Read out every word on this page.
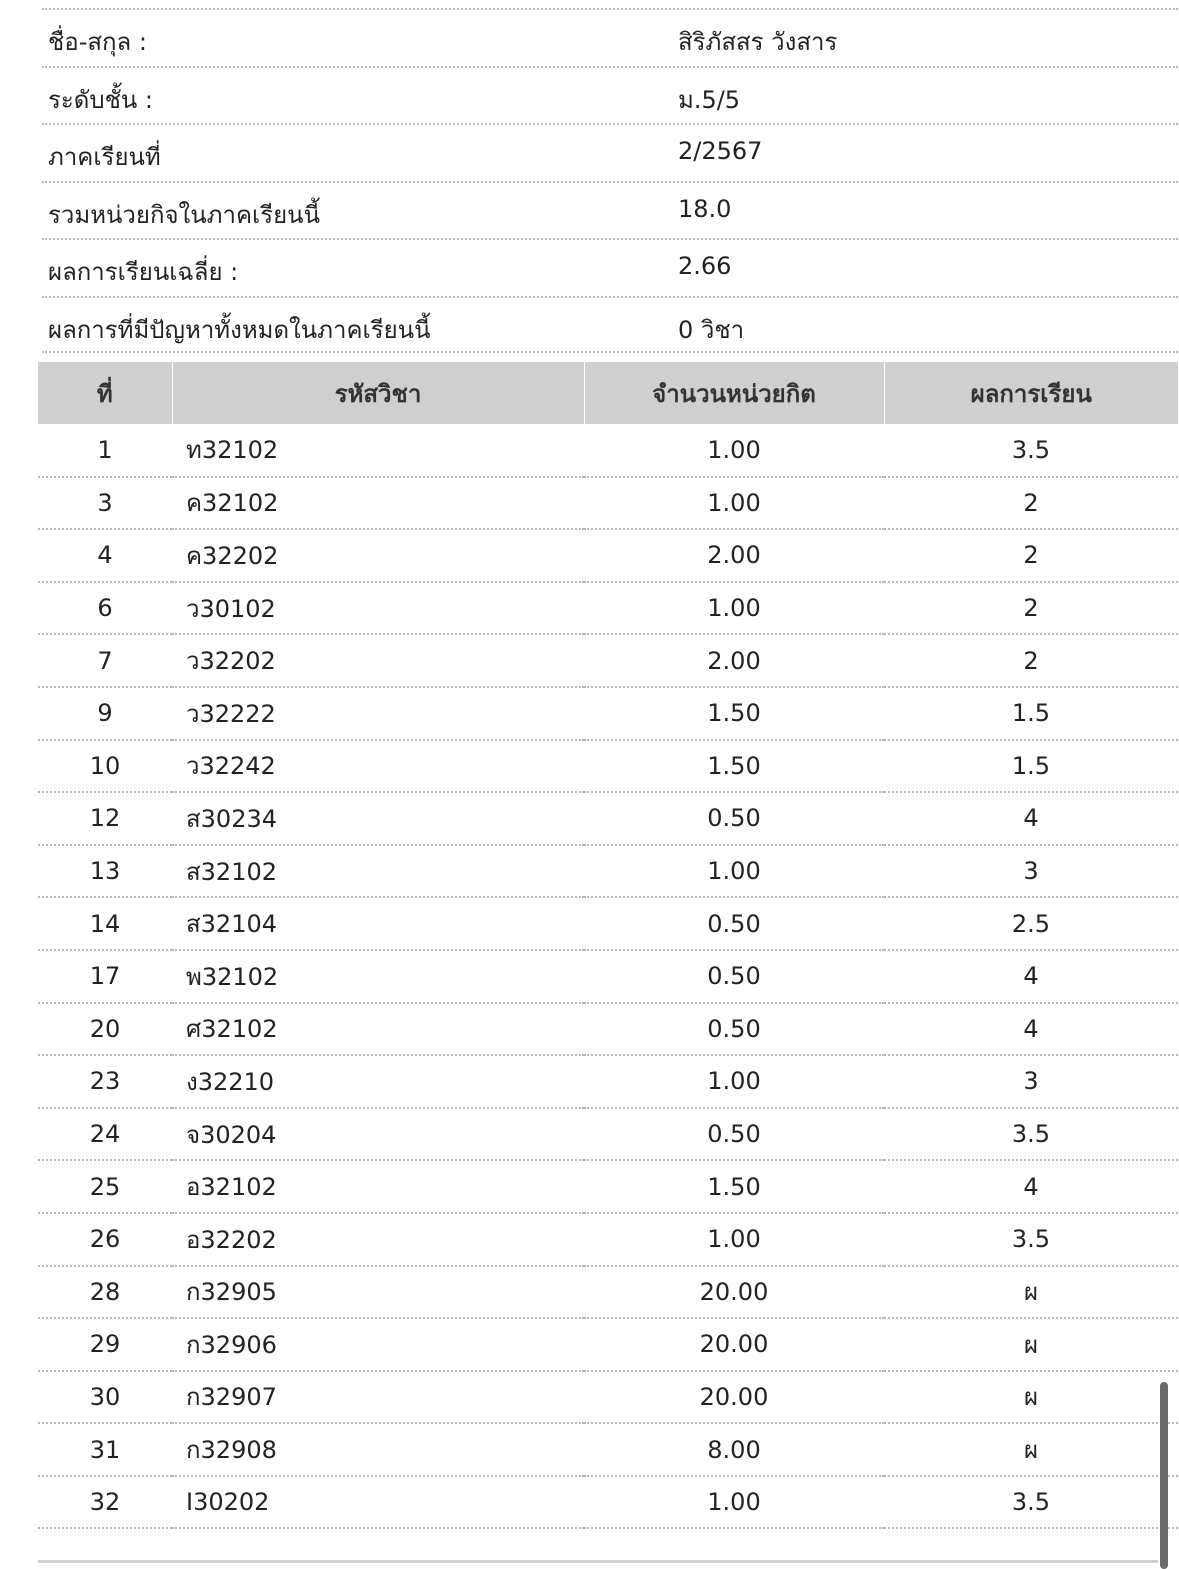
ชื่อ-สกุล :	สิริภัสสร วังสาร
ระดับชั้น :	ม.5/5
ภาคเรียนที่	2/2567
รวมหน่วยกิจในภาคเรียนนี้	18.0
ผลการเรียนเฉลี่ย :	2.66
ผลการที่มีปัญหาทั้งหมดในภาคเรียนนี้	0 วิชา
ที่	รหัสวิชา	จำนวนหน่วยกิต	ผลการเรียน
1	ท32102	1.00	3.5
3	ค32102	1.00	2
4	ค32202	2.00	2
6	ว30102	1.00	2
7	ว32202	2.00	2
9	ว32222	1.50	1.5
10	ว32242	1.50	1.5
12	ส30234	0.50	4
13	ส32102	1.00	3
14	ส32104	0.50	2.5
17	พ32102	0.50	4
20	ศ32102	0.50	4
23	ง32210	1.00	3
24	จ30204	0.50	3.5
25	อ32102	1.50	4
26	อ32202	1.00	3.5
28	ก32905	20.00	ผ
29	ก32906	20.00	ผ
30	ก32907	20.00	ผ
31	ก32908	8.00	ผ
32	I30202	1.00	3.5
